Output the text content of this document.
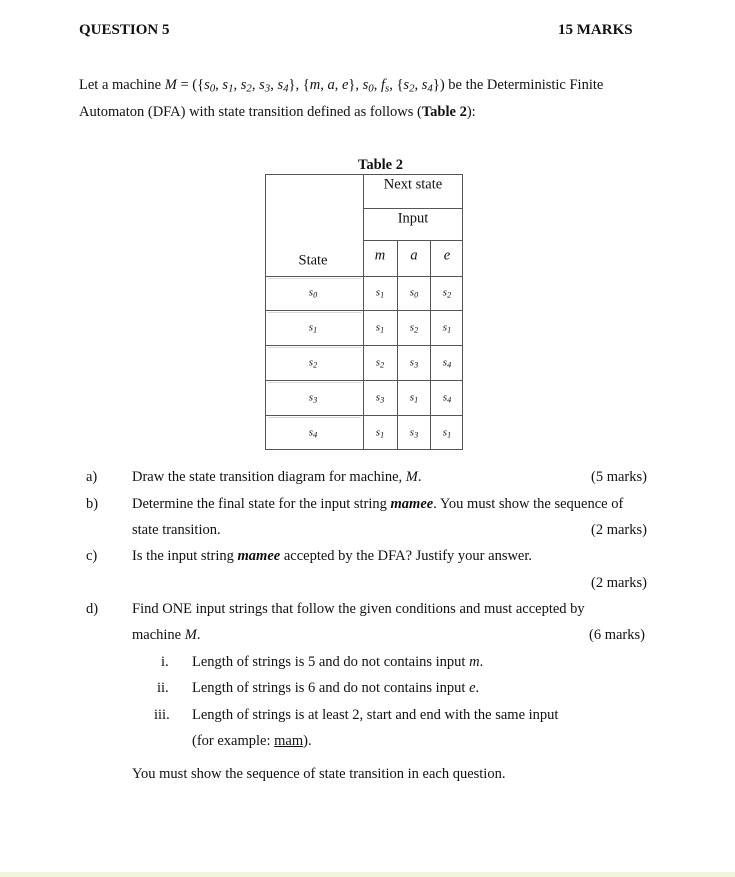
QUESTION 5	15 MARKS
Let a machine M = ({s0, s1, s2, s3, s4}, {m, a, e}, s0, fs, {s2, s4}) be the Deterministic Finite
Automaton (DFA) with state transition defined as follows (Table 2):
Table 2
Next state
Input
State	m a e
s0	s1 s0 s2
s1	s1 s2 s1
s2	s2 s3 s4
s3	s3 s1 s4
s4	s1 s3 s1
a) Draw the state transition diagram for machine, M.	(5 marks)
b) Determine the final state for the input string mamee. You must show the sequence of
state transition.	(2 marks)
c) Is the input string mamee accepted by the DFA? Justify your answer.
(2 marks)
d) Find ONE input strings that follow the given conditions and must accepted by
machine M.	(6 marks)
i. Length of strings is 5 and do not contains input m.
ii. Length of strings is 6 and do not contains input e.
iii. Length of strings is at least 2, start and end with the same input
(for example: mam).
You must show the sequence of state transition in each question.
